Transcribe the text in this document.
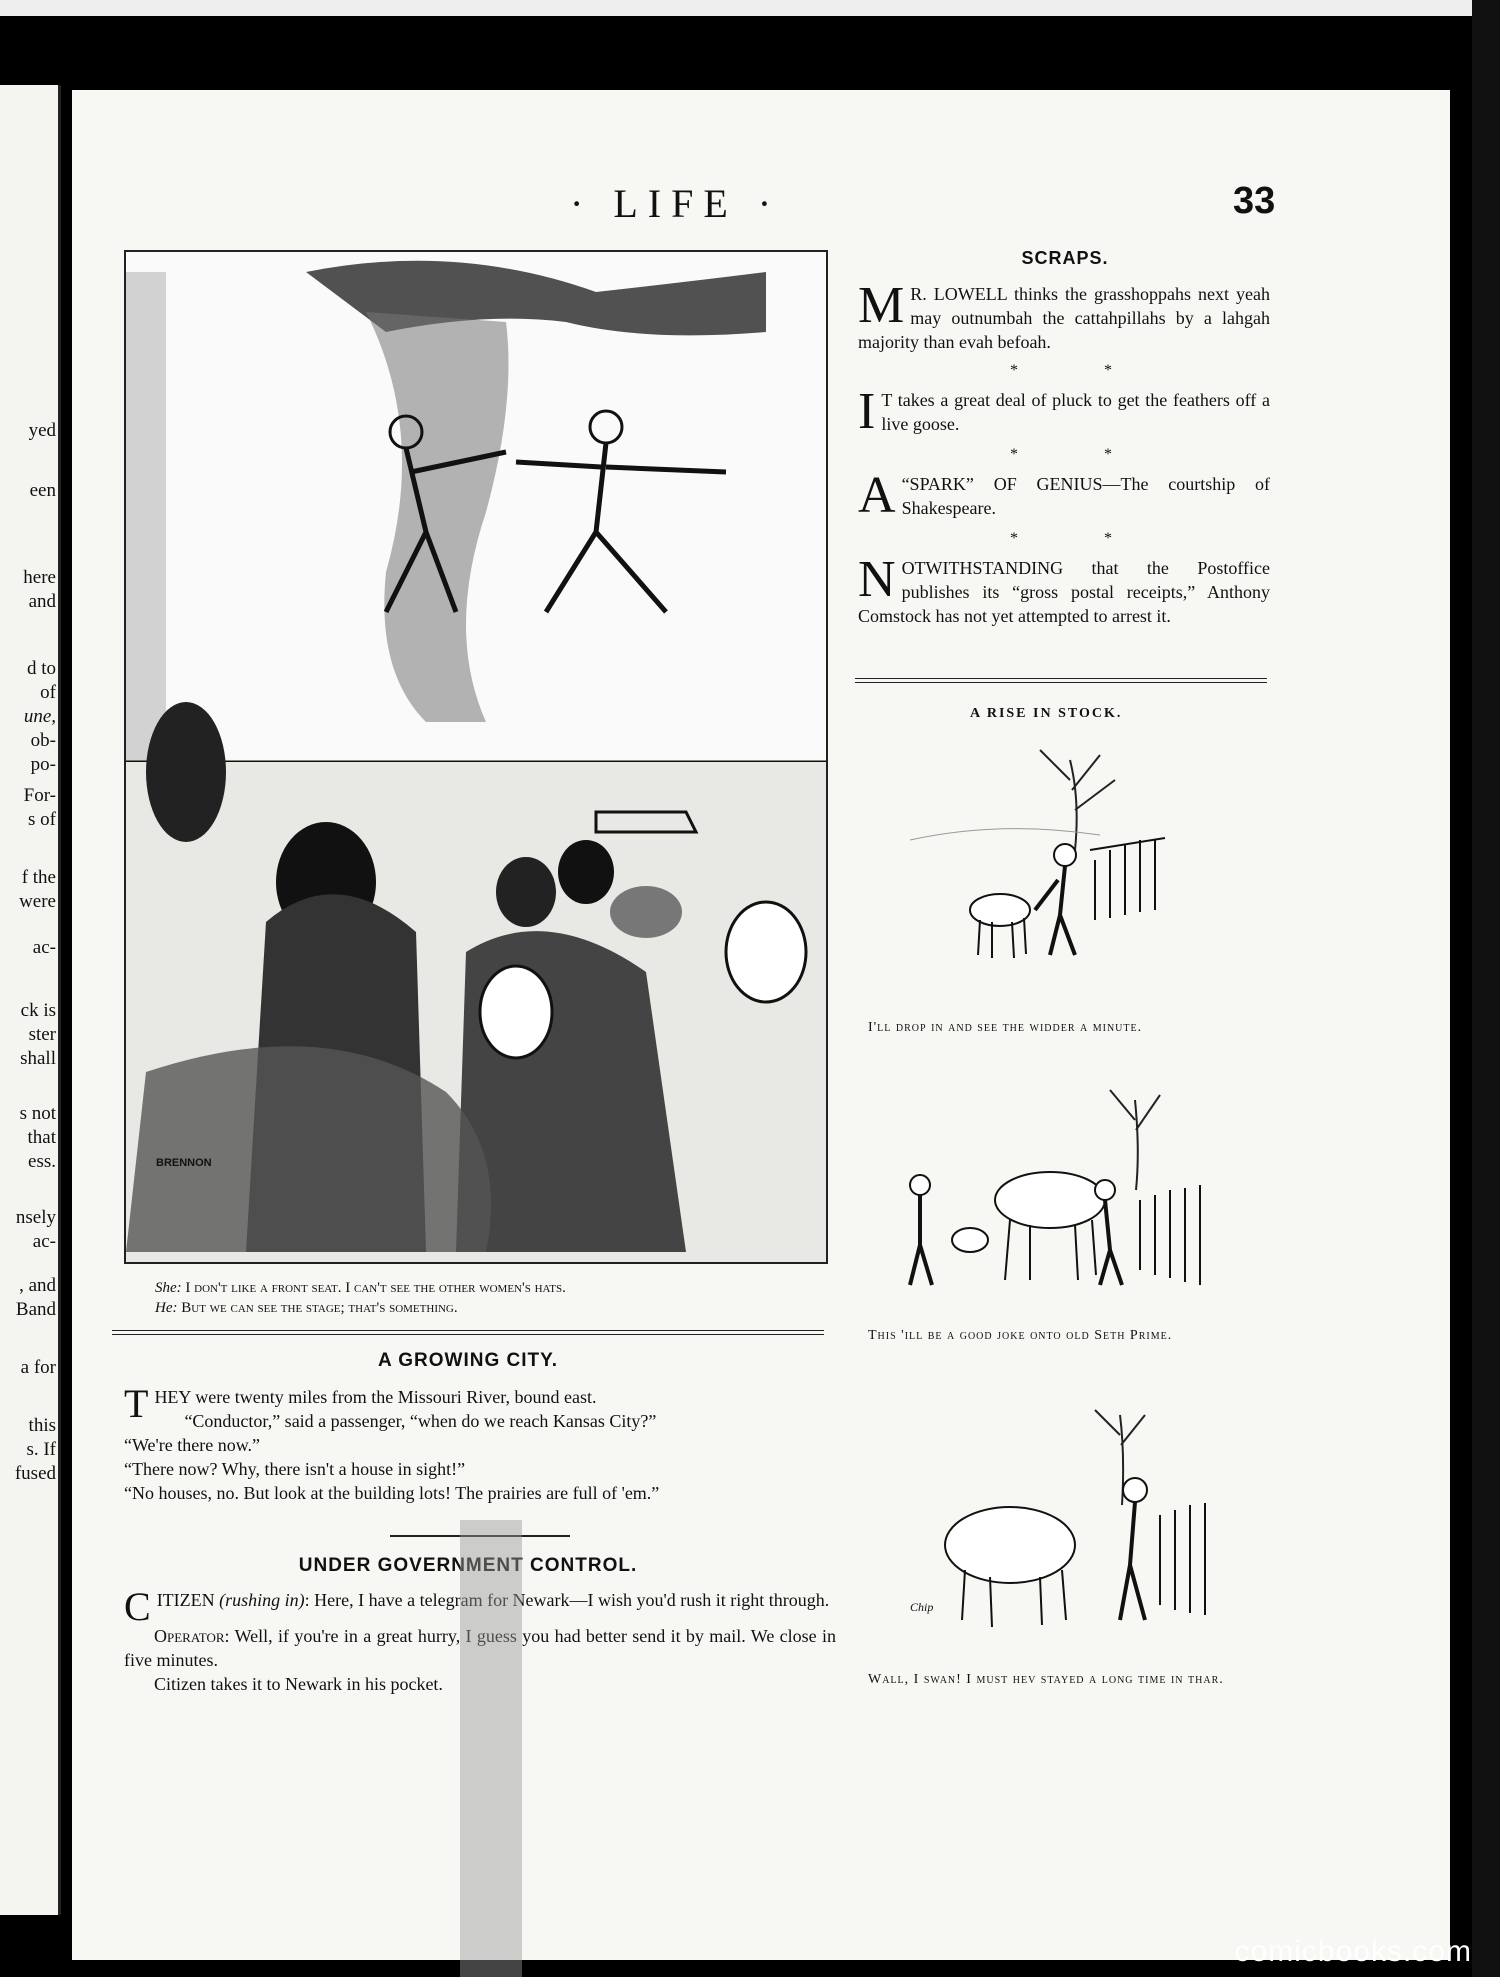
yed
een
here
and
d to
of
une,
ob-
po-
For-
s of
f the
were
ac-
ck is
ster
shall
s not
that
ess.
nsely
ac-
, and
Band
a for
this
s. If
fused
· LIFE ·	33
BRENNON
She: I don't like a front seat. I can't see the other women's hats.
He: But we can see the stage; that's something.
A GROWING CITY.
THEY were twenty miles from the Missouri River, bound east.
“Conductor,” said a passenger, “when do we reach Kansas City?”
“We're there now.”
“There now? Why, there isn't a house in sight!”
“No houses, no. But look at the building lots! The prairies are full of 'em.”
UNDER GOVERNMENT CONTROL.
CITIZEN (rushing in): Here, I have a telegram for Newark—I wish you'd rush it right through.
Operator: Well, if you're in a great hurry, I guess you had better send it by mail. We close in five minutes.
Citizen takes it to Newark in his pocket.
SCRAPS.
M R. LOWELL thinks the grasshoppahs next yeah may outnumbah the cattahpillahs by a lahgah majority than evah befoah.
*	*
I T takes a great deal of pluck to get the feathers off a live goose.
*	*
A “SPARK” OF GENIUS—The courtship of Shakespeare.
*	*
NOTWITHSTANDING that the Postoffice publishes its “gross postal receipts,” Anthony Comstock has not yet attempted to arrest it.
A RISE IN STOCK.
I'll drop in and see the widder a minute.
This 'ill be a good joke onto old Seth Prime.
Chip
Wall, I swan! I must hev stayed a long time in thar.
comicbooks.com
